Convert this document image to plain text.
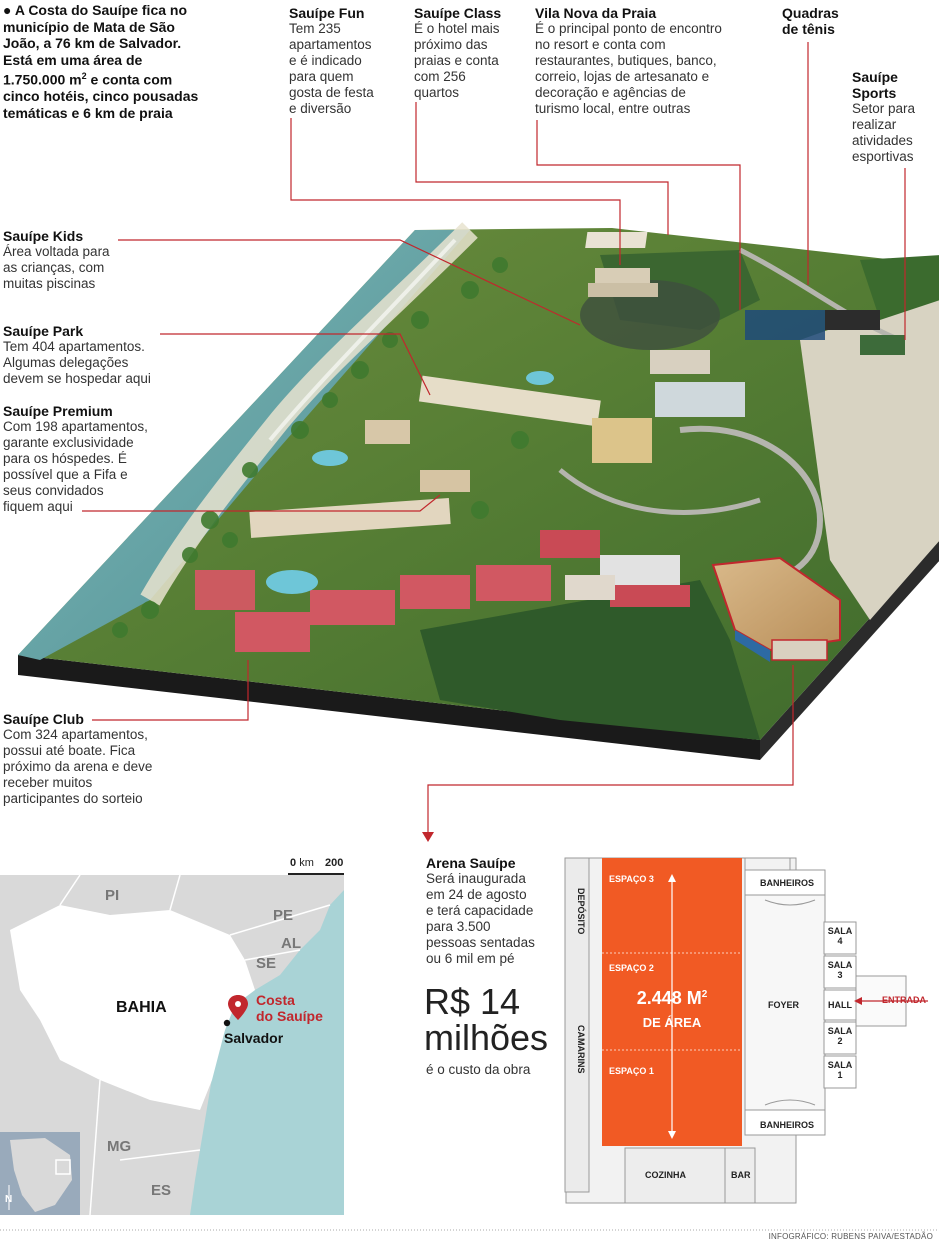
● A Costa do Sauípe fica no
município de Mata de São
João, a 76 km de Salvador.
Está em uma área de
1.750.000 $m^2$ e conta com
cinco hotéis, cinco pousadas
temáticas e 6 km de praia
Sauípe Fun
Tem 235
apartamentos
e é indicado
para quem
gosta de festa
e diversão
Sauípe Class
É o hotel mais
próximo das
praias e conta
com 256
quartos
Vila Nova da Praia
É o principal ponto de encontro
no resort e conta com
restaurantes, butiques, banco,
correio, lojas de artesanato e
decoração e agências de
turismo local, entre outras
Quadras
de tênis
Sauípe
Sports
Setor para
realizar
atividades
esportivas
Sauípe Kids
Área voltada para
as crianças, com
muitas piscinas
Sauípe Park
Tem 404 apartamentos.
Algumas delegações
devem se hospedar aqui
Sauípe Premium
Com 198 apartamentos,
garante exclusividade
para os hóspedes. É
possível que a Fifa e
seus convidados
fiquem aqui
Sauípe Club
Com 324 apartamentos,
possui até boate. Fica
próximo da arena e deve
receber muitos
participantes do sorteio
Arena Sauípe
Será inaugurada
em 24 de agosto
e terá capacidade
para 3.500
pessoas sentadas
ou 6 mil em pé
R$ 14
milhões
é o custo da obra
2.448 $M^2$
DE ÁREA
ESPAÇO 3
ESPAÇO 2
ESPAÇO 1
DEPÓSITO
CAMARINS
BANHEIROS
BANHEIROS
FOYER
SALA
4
SALA
3
HALL
SALA
2
SALA
1
ENTRADA
COZINHA	BAR
0 km 200
PI
PE
AL
SE
MG
ES
BAHIA	Costa
do Sauípe
Salvador
N
INFOGRÁFICO: RUBENS PAIVA/ESTADÃO
